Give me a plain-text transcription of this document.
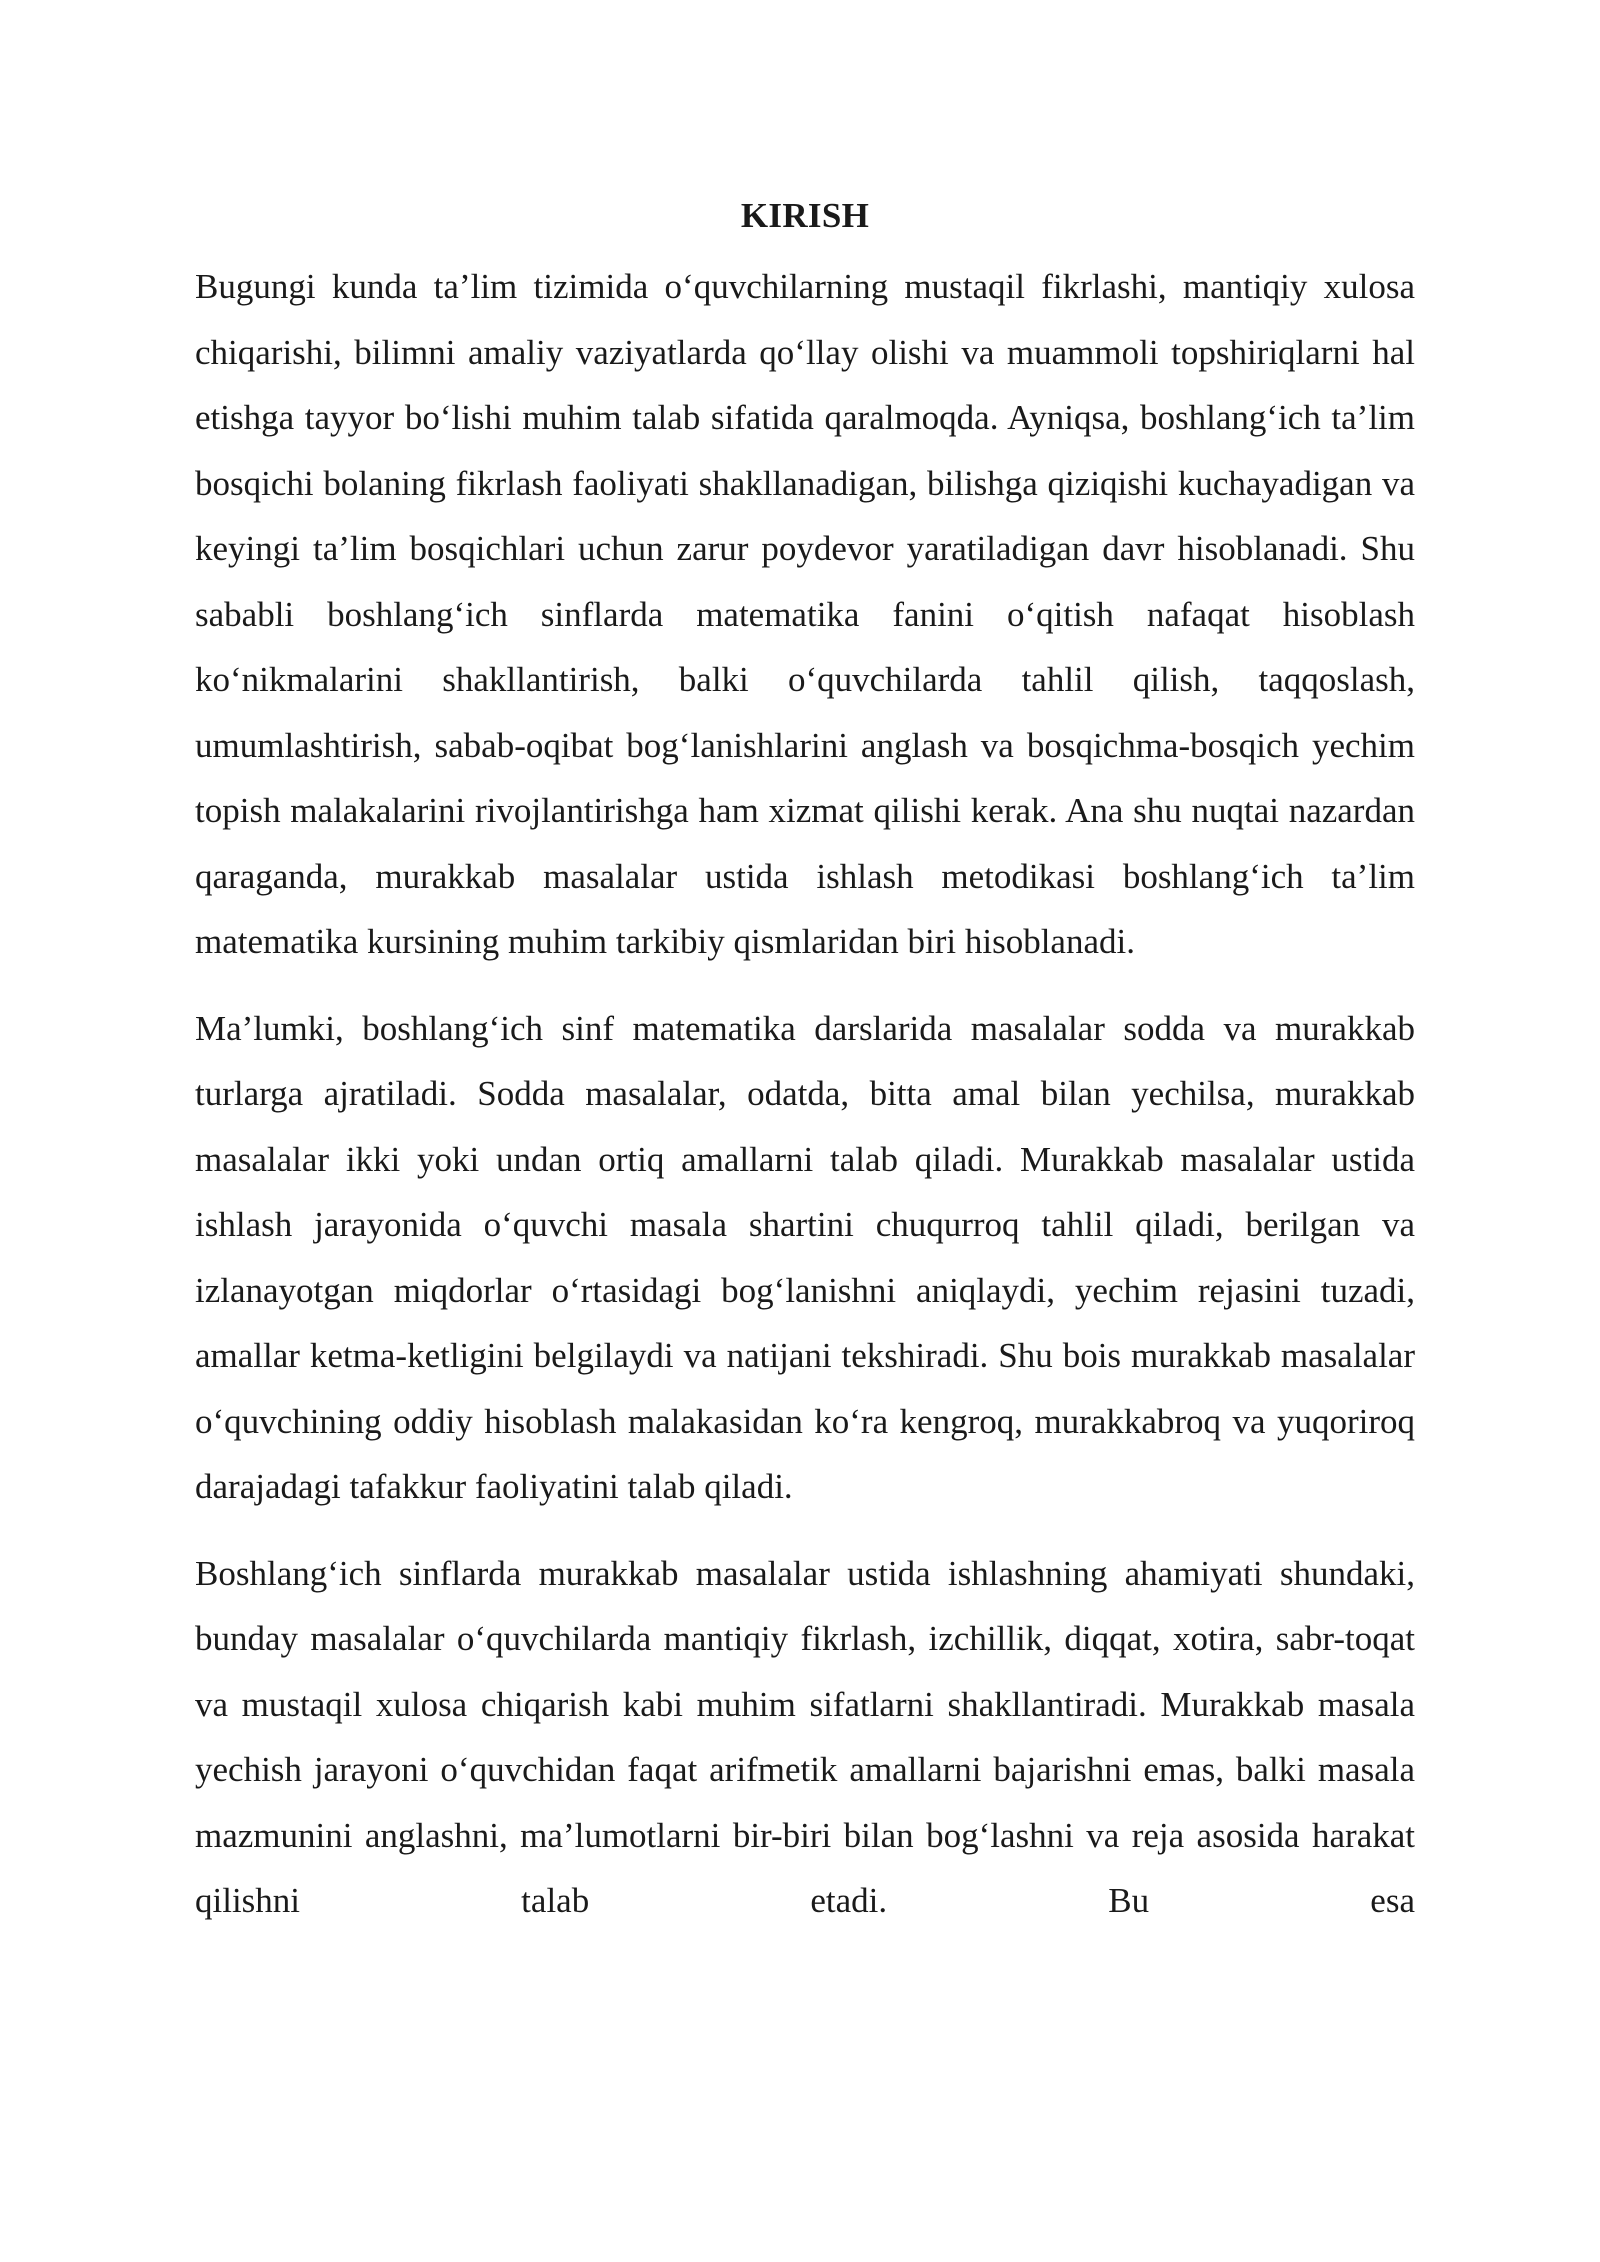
KIRISH

Bugungi kunda ta’lim tizimida o‘quvchilarning mustaqil fikrlashi, mantiqiy xulosa chiqarishi, bilimni amaliy vaziyatlarda qo‘llay olishi va muammoli topshiriqlarni hal etishga tayyor bo‘lishi muhim talab sifatida qaralmoqda. Ayniqsa, boshlang‘ich ta’lim bosqichi bolaning fikrlash faoliyati shakllanadigan, bilishga qiziqishi kuchayadigan va keyingi ta’lim bosqichlari uchun zarur poydevor yaratiladigan davr hisoblanadi. Shu sababli boshlang‘ich sinflarda matematika fanini o‘qitish nafaqat hisoblash ko‘nikmalarini shakllantirish, balki o‘quvchilarda tahlil qilish, taqqoslash, umumlashtirish, sabab-oqibat bog‘lanishlarini anglash va bosqichma-bosqich yechim topish malakalarini rivojlantirishga ham xizmat qilishi kerak. Ana shu nuqtai nazardan qaraganda, murakkab masalalar ustida ishlash metodikasi boshlang‘ich ta’lim matematika kursining muhim tarkibiy qismlaridan biri hisoblanadi.

Ma’lumki, boshlang‘ich sinf matematika darslarida masalalar sodda va murakkab turlarga ajratiladi. Sodda masalalar, odatda, bitta amal bilan yechilsa, murakkab masalalar ikki yoki undan ortiq amallarni talab qiladi. Murakkab masalalar ustida ishlash jarayonida o‘quvchi masala shartini chuqurroq tahlil qiladi, berilgan va izlanayotgan miqdorlar o‘rtasidagi bog‘lanishni aniqlaydi, yechim rejasini tuzadi, amallar ketma-ketligini belgilaydi va natijani tekshiradi. Shu bois murakkab masalalar o‘quvchining oddiy hisoblash malakasidan ko‘ra kengroq, murakkabroq va yuqoriroq darajadagi tafakkur faoliyatini talab qiladi.

Boshlang‘ich sinflarda murakkab masalalar ustida ishlashning ahamiyati shundaki, bunday masalalar o‘quvchilarda mantiqiy fikrlash, izchillik, diqqat, xotira, sabr-toqat va mustaqil xulosa chiqarish kabi muhim sifatlarni shakllantiradi. Murakkab masala yechish jarayoni o‘quvchidan faqat arifmetik amallarni bajarishni emas, balki masala mazmunini anglashni, ma’lumotlarni bir-biri bilan bog‘lashni va reja asosida harakat qilishni talab etadi. Bu esa
